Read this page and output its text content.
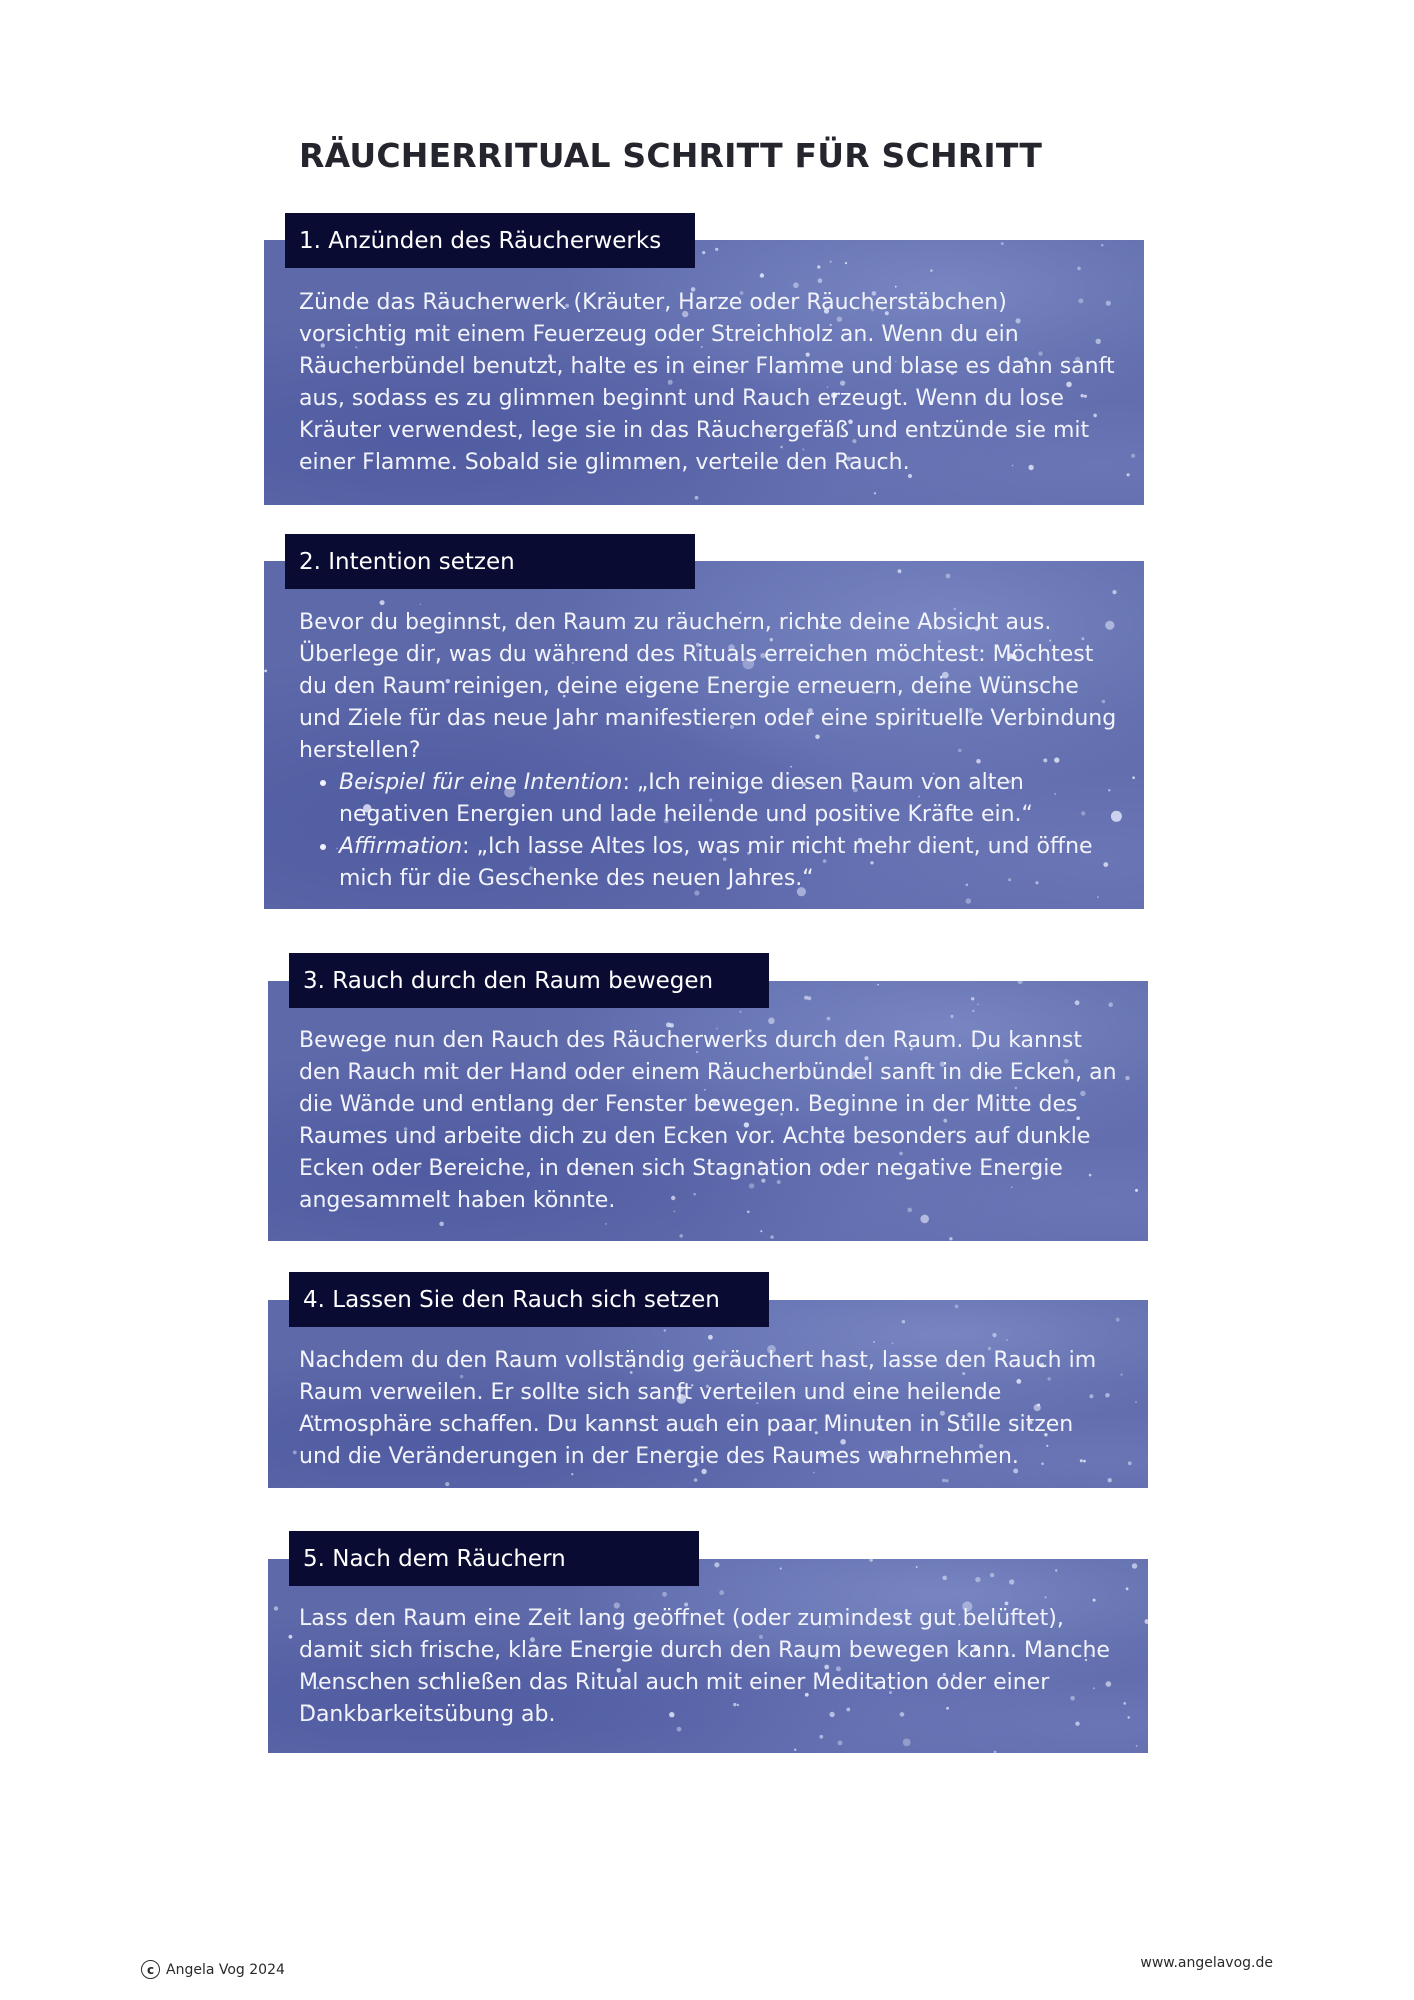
RÄUCHERRITUAL SCHRITT FÜR SCHRITT
1. Anzünden des Räucherwerks

Zünde das Räucherwerk (Kräuter, Harze oder Räucherstäbchen) vorsichtig mit einem Feuerzeug oder Streichholz an. Wenn du ein Räucherbündel benutzt, halte es in einer Flamme und blase es dann sanft aus, sodass es zu glimmen beginnt und Rauch erzeugt. Wenn du lose Kräuter verwendest, lege sie in das Räuchergefäß und entzünde sie mit einer Flamme. Sobald sie glimmen, verteile den Rauch.

2. Intention setzen

Bevor du beginnst, den Raum zu räuchern, richte deine Absicht aus. Überlege dir, was du während des Rituals erreichen möchtest: Möchtest du den Raum reinigen, deine eigene Energie erneuern, deine Wünsche und Ziele für das neue Jahr manifestieren oder eine spirituelle Verbindung herstellen?

• Beispiel für eine Intention: „Ich reinige diesen Raum von alten negativen Energien und lade heilende und positive Kräfte ein.“
• Affirmation: „Ich lasse Altes los, was mir nicht mehr dient, und öffne mich für die Geschenke des neuen Jahres.“
3. Rauch durch den Raum bewegen

Bewege nun den Rauch des Räucherwerks durch den Raum. Du kannst den Rauch mit der Hand oder einem Räucherbündel sanft in die Ecken, an die Wände und entlang der Fenster bewegen. Beginne in der Mitte des Raumes und arbeite dich zu den Ecken vor. Achte besonders auf dunkle Ecken oder Bereiche, in denen sich Stagnation oder negative Energie angesammelt haben könnte.

4. Lassen Sie den Rauch sich setzen

Nachdem du den Raum vollständig geräuchert hast, lasse den Rauch im Raum verweilen. Er sollte sich sanft verteilen und eine heilende Atmosphäre schaffen. Du kannst auch ein paar Minuten in Stille sitzen und die Veränderungen in der Energie des Raumes wahrnehmen.

5. Nach dem Räuchern

Lass den Raum eine Zeit lang geöffnet (oder zumindest gut belüftet), damit sich frische, klare Energie durch den Raum bewegen kann. Manche Menschen schließen das Ritual auch mit einer Meditation oder einer Dankbarkeitsübung ab.

c Angela Vog 2024	www.angelavog.de
